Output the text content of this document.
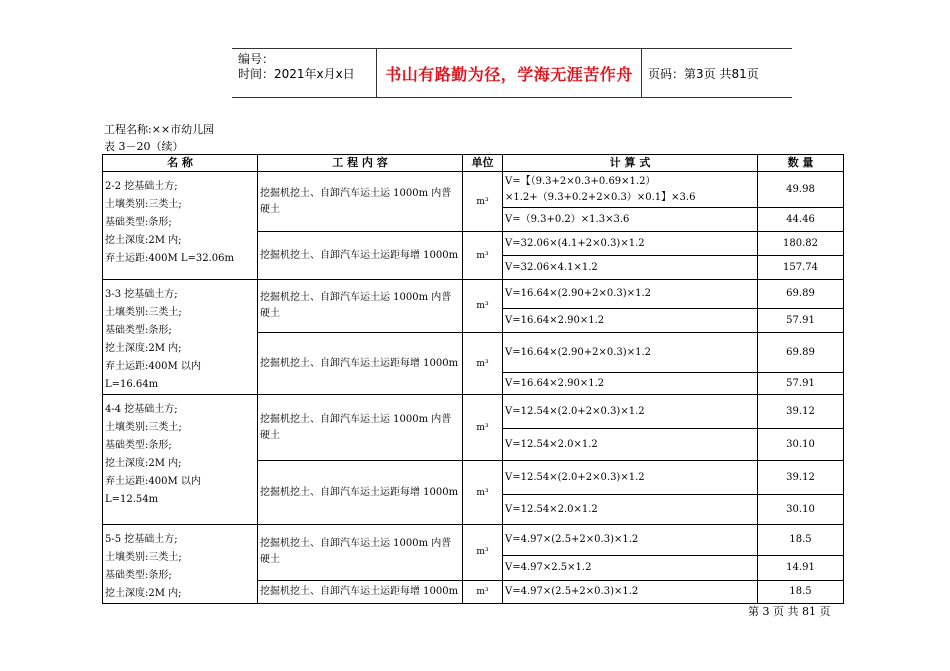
编号：
时间：2021年x月x日	书山有路勤为径，学海无涯苦作舟	页码：第3页 共81页
工程名称:××市幼儿园
表 3－20（续）
名 称	工 程 内 容	单位	计 算 式	数 量

2-2 挖基础土方;
土壤类别:三类土;
基础类型:条形;
挖土深度:2M 内;
弃土运距:400M L=32.06m	挖掘机挖土、自卸汽车运土运 1000m 内普硬土	m³	V=【（9.3+2×0.3+0.69×1.2）×1.2+（9.3+0.2+2×0.3）×0.1】×3.6	49.98
			V=（9.3+0.2）×1.3×3.6	44.46
	挖掘机挖土、自卸汽车运土运距每增 1000m	m³	V=32.06×(4.1+2×0.3)×1.2	180.82
			V=32.06×4.1×1.2	157.74

3-3 挖基础土方;
土壤类别:三类土;
基础类型:条形;
挖土深度:2M 内;
弃土运距:400M 以内 L=16.64m	挖掘机挖土、自卸汽车运土运 1000m 内普硬土	m³	V=16.64×(2.90+2×0.3)×1.2	69.89
			V=16.64×2.90×1.2	57.91
	挖掘机挖土、自卸汽车运土运距每增 1000m	m³	V=16.64×(2.90+2×0.3)×1.2	69.89
			V=16.64×2.90×1.2	57.91

4-4 挖基础土方;
土壤类别:三类土;
基础类型:条形;
挖土深度:2M 内;
弃土运距:400M 以内 L=12.54m	挖掘机挖土、自卸汽车运土运 1000m 内普硬土	m³	V=12.54×(2.0+2×0.3)×1.2	39.12
			V=12.54×2.0×1.2	30.10
	挖掘机挖土、自卸汽车运土运距每增 1000m	m³	V=12.54×(2.0+2×0.3)×1.2	39.12
			V=12.54×2.0×1.2	30.10

5-5 挖基础土方;
土壤类别:三类土;
基础类型:条形;
挖土深度:2M 内;	挖掘机挖土、自卸汽车运土运 1000m 内普硬土	m³	V=4.97×(2.5+2×0.3)×1.2	18.5
			V=4.97×2.5×1.2	14.91
	挖掘机挖土、自卸汽车运土运距每增 1000m	m³	V=4.97×(2.5+2×0.3)×1.2	18.5
第 3 页 共 81 页
